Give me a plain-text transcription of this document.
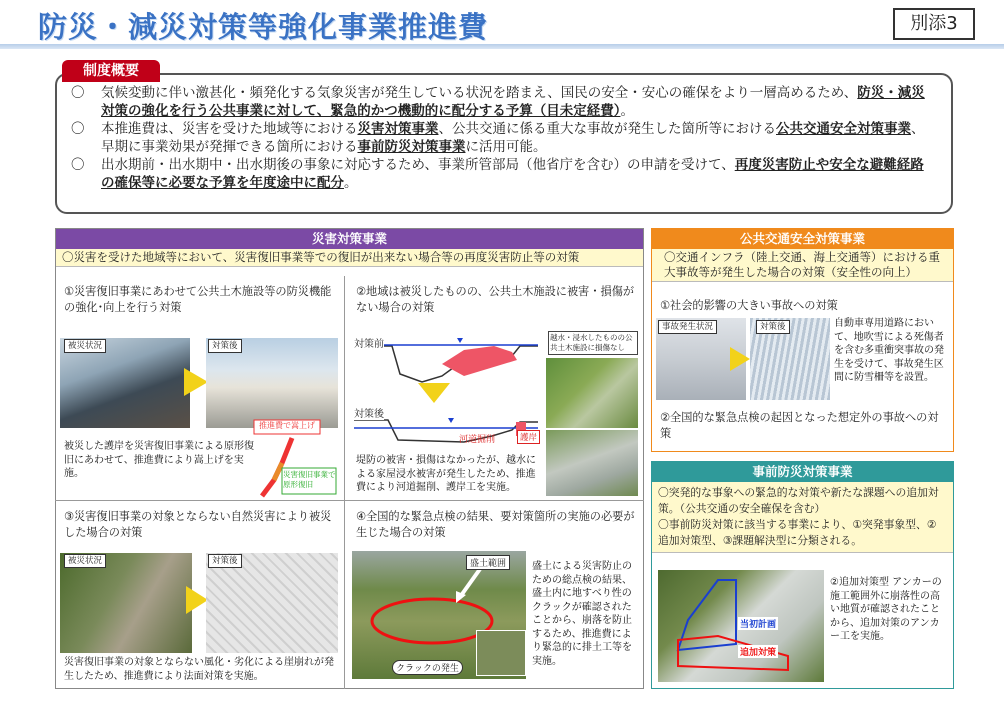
防災・減災対策等強化事業推進費	別添3
制度概要
〇	気候変動に伴い激甚化・頻発化する気象災害が発生している状況を踏まえ、国民の安全・安心の確保をより一層高めるため、防災・減災対策の強化を行う公共事業に対して、緊急的かつ機動的に配分する予算（目未定経費）。
〇	本推進費は、災害を受けた地域等における災害対策事業、公共交通に係る重大な事故が発生した箇所等における公共交通安全対策事業、早期に事業効果が発揮できる箇所における事前防災対策事業に活用可能。
〇	出水期前・出水期中・出水期後の事象に対応するため、事業所管部局（他省庁を含む）の申請を受けて、再度災害防止や安全な避難経路の確保等に必要な予算を年度途中に配分。
災害対策事業
〇災害を受けた地域等において、災害復旧事業等での復旧が出来ない場合等の再度災害防止等の対策
①災害復旧事業にあわせて公共土木施設等の防災機能の強化･向上を行う対策
被災状況	対策後
被災した護岸を災害復旧事業による原形復旧にあわせて、推進費により嵩上げを実施。
推進費で嵩上げ
災害復旧事業で原形復旧
②地域は被災したものの、公共土木施設に被害・損傷がない場合の対策
対策前
対策後
河道掘削	護岸
越水・浸水したものの公共土木施設に損傷なし
堤防の被害・損傷はなかったが、越水による家屋浸水被害が発生したため、推進費により河道掘削、護岸工を実施。
③災害復旧事業の対象とならない自然災害により被災した場合の対策
被災状況	対策後
災害復旧事業の対象とならない風化・劣化による崖崩れが発生したため、推進費により法面対策を実施。
④全国的な緊急点検の結果、要対策箇所の実施の必要が生じた場合の対策
盛土範囲
クラックの発生
盛土による災害防止のための総点検の結果、盛土内に地すべり性のクラックが確認されたことから、崩落を防止するため、推進費により緊急的に排土工等を実施。
公共交通安全対策事業
〇交通インフラ（陸上交通、海上交通等）における重大事故等が発生した場合の対策（安全性の向上）
①社会的影響の大きい事故への対策
事故発生状況	対策後	自動車専用道路において、地吹雪による死傷者を含む多重衝突事故の発生を受けて、事故発生区間に防雪柵等を設置。
②全国的な緊急点検の起因となった想定外の事故への対策
事前防災対策事業
〇突発的な事象への緊急的な対策や新たな課題への追加対策。（公共交通の安全確保を含む）
〇事前防災対策に該当する事業により、①突発事象型、②追加対策型、③課題解決型に分類される。
当初計画
追加対策
②追加対策型 アンカーの施工範囲外に崩落性の高い地質が確認されたことから、追加対策のアンカー工を実施。
